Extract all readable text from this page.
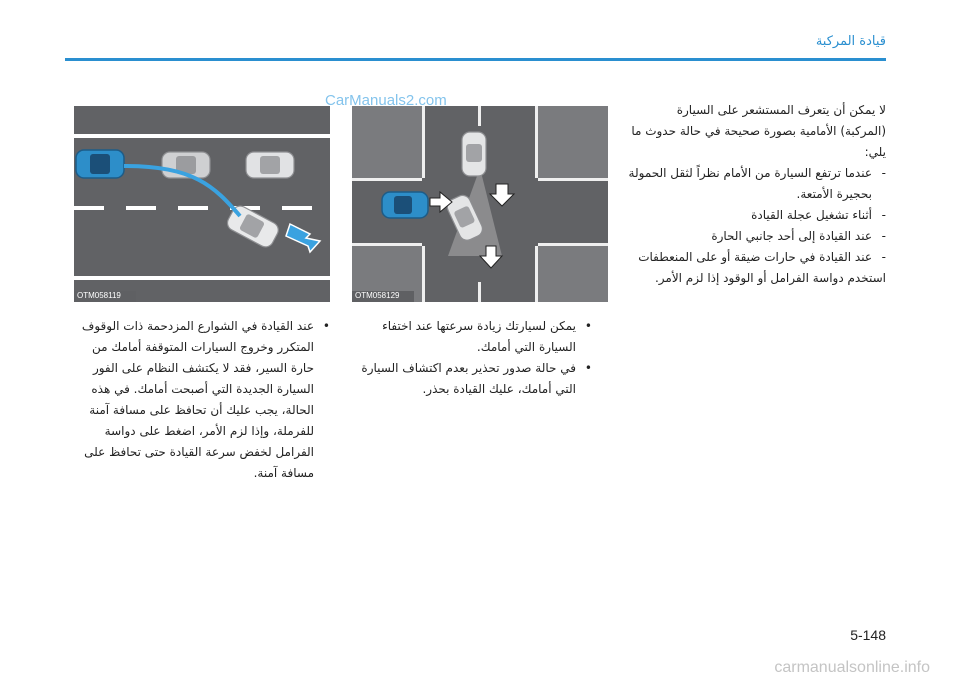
قيادة المركبة
OTM058119	OTM058129
CarManuals2.com

لا يمكن أن يتعرف المستشعر على السيارة (المركبة) الأمامية بصورة صحيحة في حالة حدوث ما يلي:

- عندما ترتفع السيارة من الأمام نظراً لثقل الحمولة بحجيرة الأمتعة.

- أثناء تشغيل عجلة القيادة

- عند القيادة إلى أحد جانبي الحارة

- عند القيادة في حارات ضيقة أو على المنعطفات

استخدم دواسة الفرامل أو الوقود إذا لزم الأمر.

• يمكن لسيارتك زيادة سرعتها عند اختفاء السيارة التي أمامك.

• في حالة صدور تحذير بعدم اكتشاف السيارة التي أمامك، عليك القيادة بحذر.

• عند القيادة في الشوارع المزدحمة ذات الوقوف المتكرر وخروج السيارات المتوقفة أمامك من حارة السير، فقد لا يكتشف النظام على الفور السيارة الجديدة التي أصبحت أمامك. في هذه الحالة، يجب عليك أن تحافظ على مسافة آمنة للفرملة، وإذا لزم الأمر، اضغط على دواسة الفرامل لخفض سرعة القيادة حتى تحافظ على مسافة آمنة.

5-148
carmanualsonline.info
